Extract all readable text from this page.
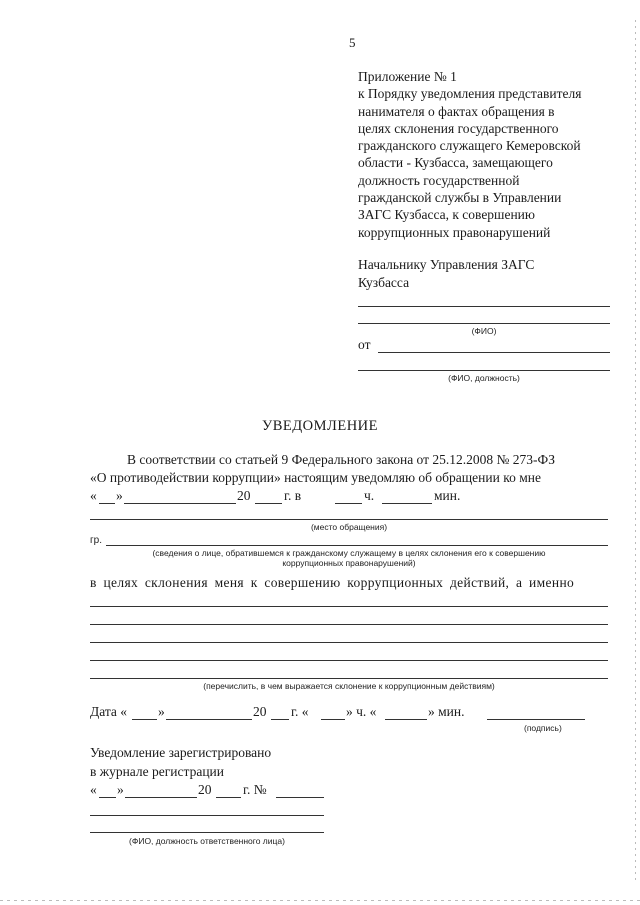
5
Приложение № 1
к Порядку уведомления представителя
нанимателя о фактах обращения в
целях склонения государственного
гражданского служащего Кемеровской
области - Кузбасса, замещающего
должность государственной
гражданской службы в Управлении
ЗАГС Кузбасса, к совершению
коррупционных правонарушений
Начальнику Управления ЗАГС
Кузбасса
(ФИО)
от
(ФИО, должность)
УВЕДОМЛЕНИЕ
В соответствии со статьей 9 Федерального закона от 25.12.2008 № 273-ФЗ
«О противодействии коррупции» настоящим уведомляю об обращении ко мне
« »	20 г. в	ч.	мин.
(место обращения)
гр.
(сведения о лице, обратившемся к гражданскому служащему в целях склонения его к совершению
коррупционных правонарушений)
в целях склонения меня к совершению коррупционных действий, а именно
(перечислить, в чем выражается склонение к коррупционным действиям)
Дата « »	20 г. «	» ч. «	» мин.
(подпись)
Уведомление зарегистрировано
в журнале регистрации
« »	20 г. №
(ФИО, должность ответственного лица)
